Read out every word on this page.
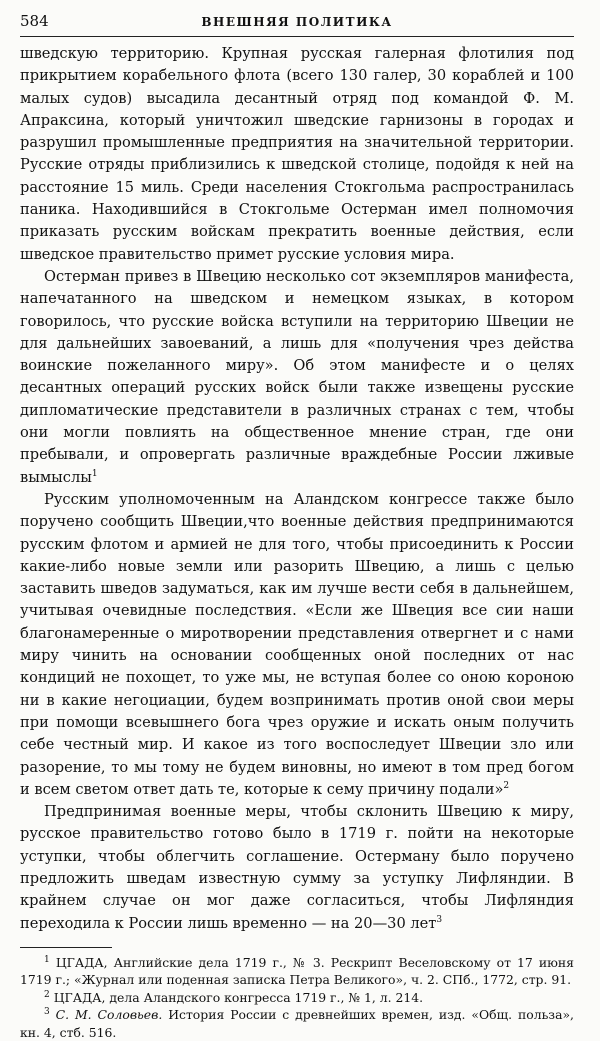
584	ВНЕШНЯЯ ПОЛИТИКА

шведскую территорию. Крупная русская галерная флотилия под прикрытием корабельного флота (всего 130 галер, 30 кораблей и 100 малых судов) высадила десантный отряд под командой Ф. М. Апраксина, который уничтожил шведские гарнизоны в городах и разрушил промышленные предприятия на значительной территории. Русские отряды приблизились к шведской столице, подойдя к ней на расстояние 15 миль. Среди населения Стокгольма распространилась паника. Находившийся в Стокгольме Остерман имел полномочия приказать русским войскам прекратить военные действия, если шведское правительство примет русские условия мира.

Остерман привез в Швецию несколько сот экземпляров манифеста, напечатанного на шведском и немецком языках, в котором говорилось, что русские войска вступили на территорию Швеции не для дальнейших завоеваний, а лишь для «получения чрез действа воинские пожеланного миру». Об этом манифесте и о целях десантных операций русских войск были также извещены русские дипломатические представители в различных странах с тем, чтобы они могли повлиять на общественное мнение стран, где они пребывали, и опровергать различные враждебные России лживые вымыслы$^1$

Русским уполномоченным на Аландском конгрессе также было поручено сообщить Швеции,что военные действия предпринимаются русским флотом и армией не для того, чтобы присоединить к России какие-либо новые земли или разорить Швецию, а лишь с целью заставить шведов задуматься, как им лучше вести себя в дальнейшем, учитывая очевидные последствия. «Если же Швеция все сии наши благонамеренные о миротворении представления отвергнет и с нами миру чинить на основании сообщенных оной последних от нас кондиций не похощет, то уже мы, не вступая более со оною короною ни в какие негоциации, будем возпринимать против оной свои меры при помощи всевышнего бога чрез оружие и искать оным получить себе честный мир. И какое из того воспоследует Швеции зло или разорение, то мы тому не будем виновны, но имеют в том пред богом и всем светом ответ дать те, которые к сему причину подали»$^2$

Предпринимая военные меры, чтобы склонить Швецию к миру, русское правительство готово было в 1719 г. пойти на некоторые уступки, чтобы облегчить соглашение. Остерману было поручено предложить шведам известную сумму за уступку Лифляндии. В крайнем случае он мог даже согласиться, чтобы Лифляндия переходила к России лишь временно — на 20—30 лет$^3$

$^1$ ЦГАДА, Английские дела 1719 г., № 3. Рескрипт Веселовскому от 17 июня 1719 г.; «Журнал или поденная записка Петра Великого», ч. 2. СПб., 1772, стр. 91.

$^2$ ЦГАДА, дела Аландского конгресса 1719 г., № 1, л. 214.

$^3$ С. М. Соловьев. История России с древнейших времен, изд. «Общ. польза», кн. 4, стб. 516.
